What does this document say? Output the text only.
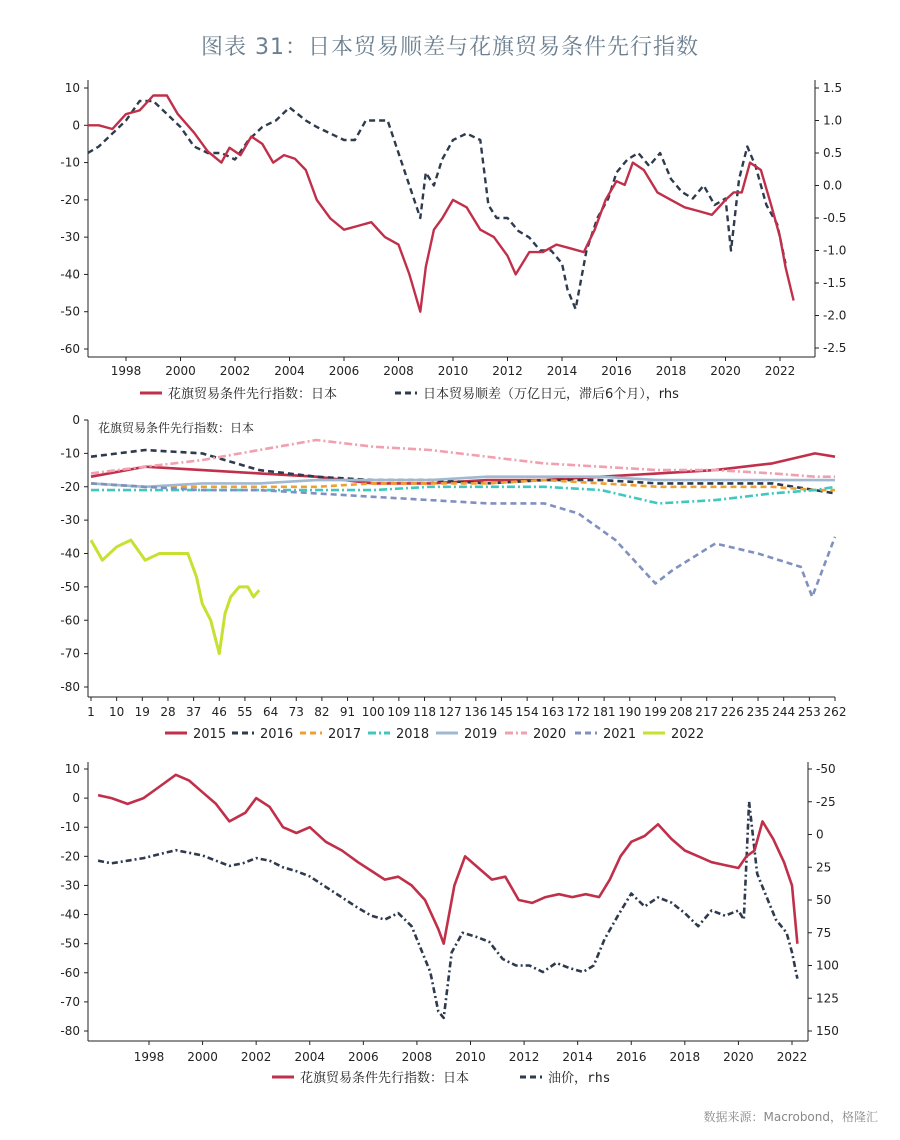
图表 31：日本贸易顺差与花旗贸易条件先行指数
10
0
-10
-20
-30
-40
-50
-60
1.5
1.0
0.5
0.0
-0.5
-1.0
-1.5
-2.0
-2.5
1998 2000 2002 2004 2006 2008 2010 2012 2014 2016 2018 2020 2022
花旗贸易条件先行指数：日本	日本贸易顺差（万亿日元，滞后6个月），rhs
0
-10
-20
-30
-40
-50
-60
-70
-80
1 10 19 28 37 46 55 64 73 82 91 100 109 118 127 136 145 154 163 172 181 190 199 208 217 226 235 244 253 262
花旗贸易条件先行指数：日本
2015	2016	2017	2018	2019	2020	2021	2022
10
0
-10
-20
-30
-40
-50
-60
-70
-80
-50
-25
0
25
50
75
100
125
150
1998 2000 2002 2004 2006 2008 2010 2012 2014 2016 2018 2020 2022
花旗贸易条件先行指数：日本	油价，rhs
数据来源：Macrobond，格隆汇
